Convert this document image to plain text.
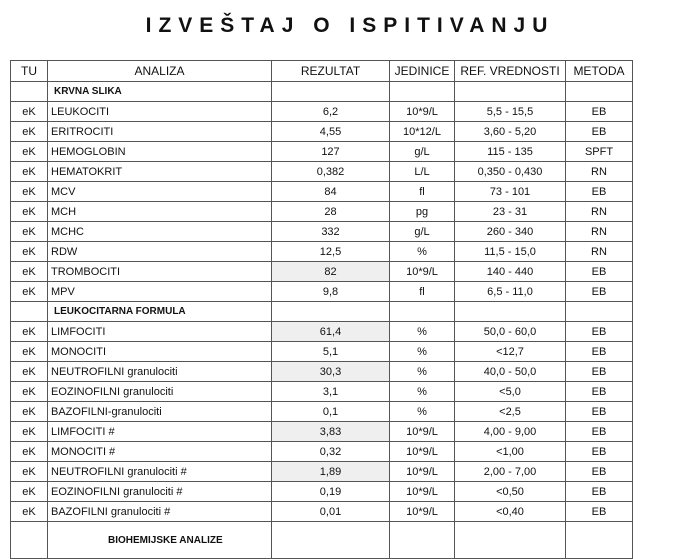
IZVEŠTAJ O ISPITIVANJU
TU	ANALIZA	REZULTAT	JEDINICE	REF. VREDNOSTI	METODA
	KRVNA SLIKA				
eK	LEUKOCITI	6,2	10*9/L	5,5 - 15,5	EB
eK	ERITROCITI	4,55	10*12/L	3,60 - 5,20	EB
eK	HEMOGLOBIN	127	g/L	115 - 135	SPFT
eK	HEMATOKRIT	0,382	L/L	0,350 - 0,430	RN
eK	MCV	84	fl	73 - 101	EB
eK	MCH	28	pg	23 - 31	RN
eK	MCHC	332	g/L	260 - 340	RN
eK	RDW	12,5	%	11,5 - 15,0	RN
eK	TROMBOCITI	82	10*9/L	140 - 440	EB
eK	MPV	9,8	fl	6,5 - 11,0	EB
	LEUKOCITARNA FORMULA				
eK	LIMFOCITI	61,4	%	50,0 - 60,0	EB
eK	MONOCITI	5,1	%	<12,7	EB
eK	NEUTROFILNI granulociti	30,3	%	40,0 - 50,0	EB
eK	EOZINOFILNI granulociti	3,1	%	<5,0	EB
eK	BAZOFILNI-granulociti	0,1	%	<2,5	EB
eK	LIMFOCITI #	3,83	10*9/L	4,00 - 9,00	EB
eK	MONOCITI #	0,32	10*9/L	<1,00	EB
eK	NEUTROFILNI granulociti #	1,89	10*9/L	2,00 - 7,00	EB
eK	EOZINOFILNI granulociti #	0,19	10*9/L	<0,50	EB
eK	BAZOFILNI granulociti #	0,01	10*9/L	<0,40	EB
	BIOHEMIJSKE ANALIZE				
